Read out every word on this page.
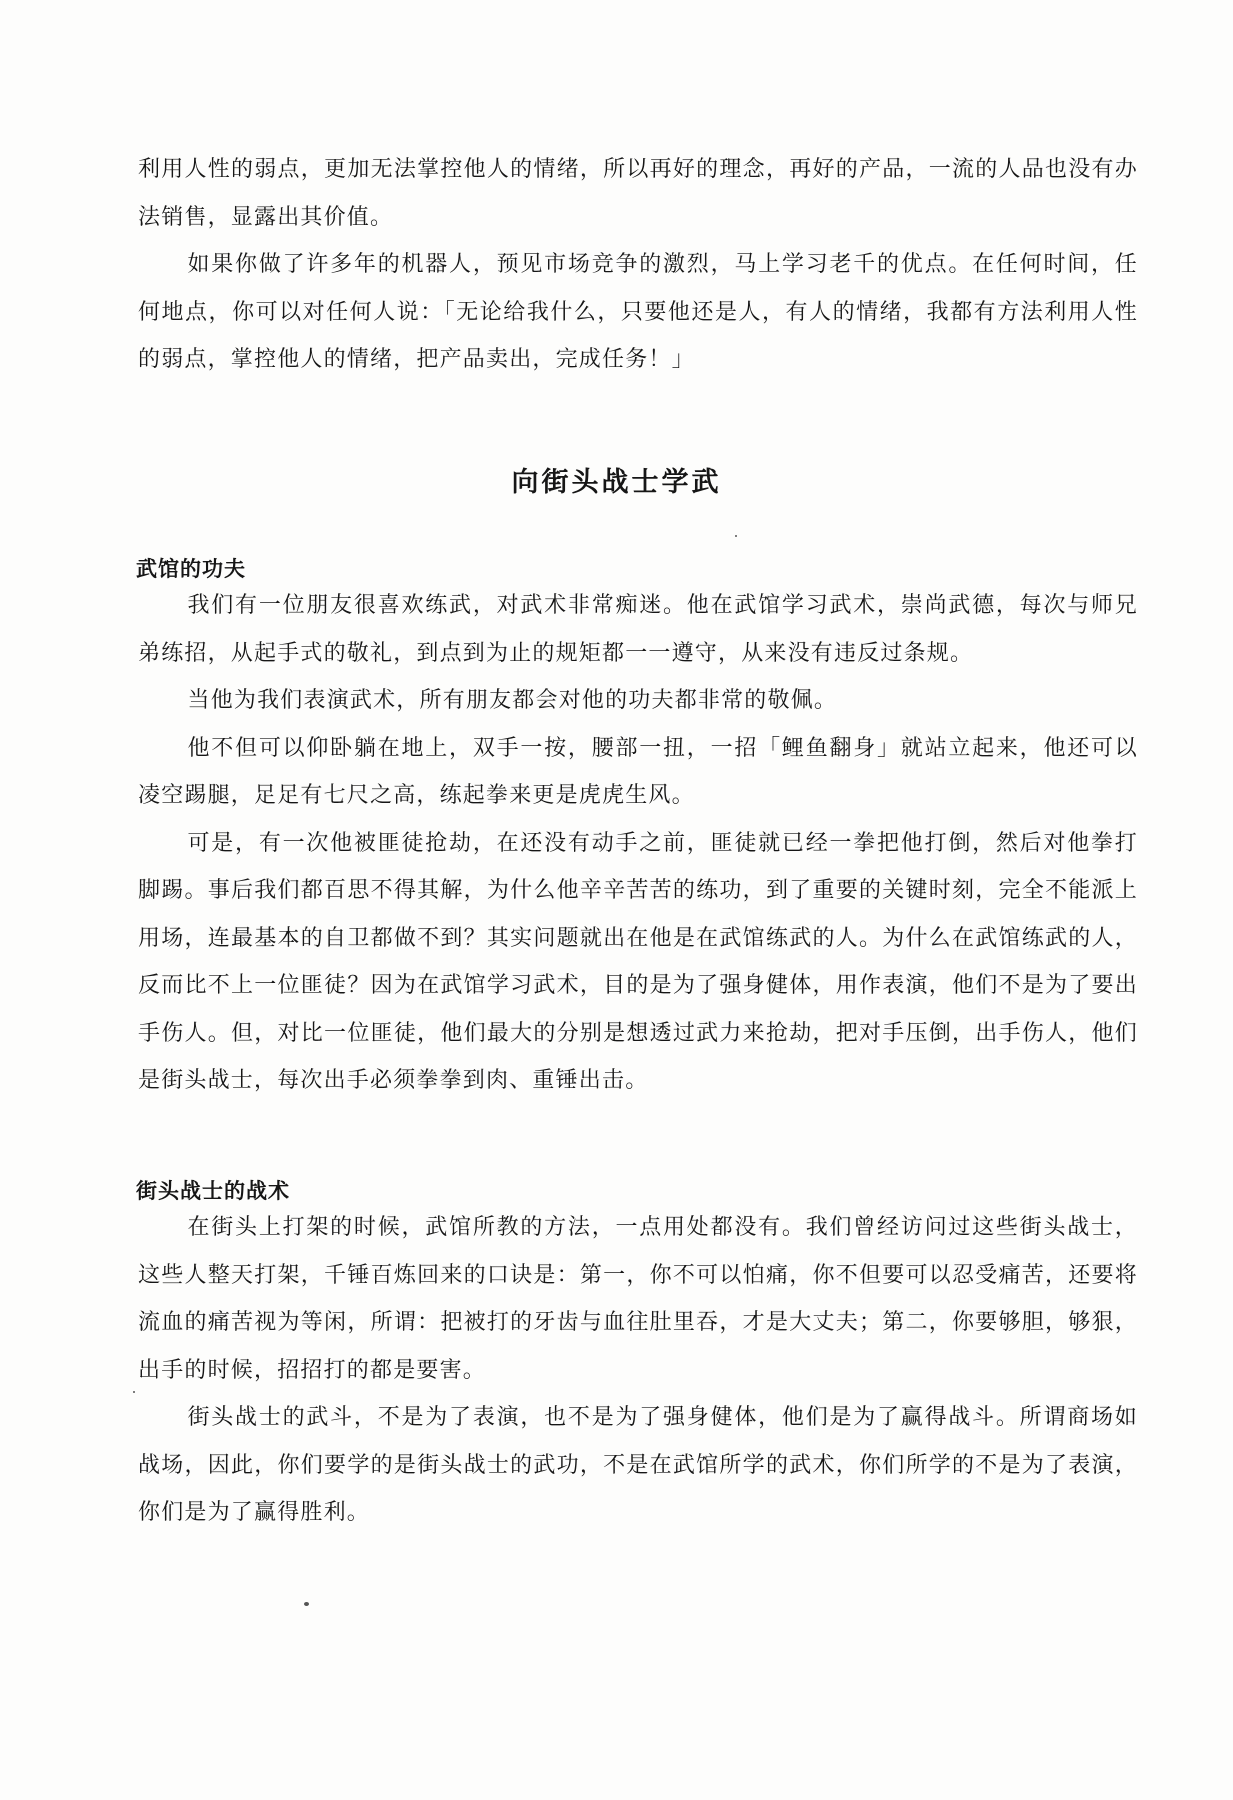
利用人性的弱点，更加无法掌控他人的情绪，所以再好的理念，再好的产品，一流的人品也没有办法销售，显露出其价值。

如果你做了许多年的机器人，预见市场竞争的激烈，马上学习老千的优点。在任何时间，任何地点，你可以对任何人说：「无论给我什么，只要他还是人，有人的情绪，我都有方法利用人性的弱点，掌控他人的情绪，把产品卖出，完成任务！」

向街头战士学武
武馆的功夫

我们有一位朋友很喜欢练武，对武术非常痴迷。他在武馆学习武术，崇尚武德，每次与师兄弟练招，从起手式的敬礼，到点到为止的规矩都一一遵守，从来没有违反过条规。

当他为我们表演武术，所有朋友都会对他的功夫都非常的敬佩。

他不但可以仰卧躺在地上，双手一按，腰部一扭，一招「鲤鱼翻身」就站立起来，他还可以凌空踢腿，足足有七尺之高，练起拳来更是虎虎生风。

可是，有一次他被匪徒抢劫，在还没有动手之前，匪徒就已经一拳把他打倒，然后对他拳打脚踢。事后我们都百思不得其解，为什么他辛辛苦苦的练功，到了重要的关键时刻，完全不能派上用场，连最基本的自卫都做不到？其实问题就出在他是在武馆练武的人。为什么在武馆练武的人，反而比不上一位匪徒？因为在武馆学习武术，目的是为了强身健体，用作表演，他们不是为了要出手伤人。但，对比一位匪徒，他们最大的分别是想透过武力来抢劫，把对手压倒，出手伤人，他们是街头战士，每次出手必须拳拳到肉、重锤出击。

街头战士的战术

在街头上打架的时候，武馆所教的方法，一点用处都没有。我们曾经访问过这些街头战士，这些人整天打架，千锤百炼回来的口诀是：第一，你不可以怕痛，你不但要可以忍受痛苦，还要将流血的痛苦视为等闲，所谓：把被打的牙齿与血往肚里吞，才是大丈夫；第二，你要够胆，够狠，出手的时候，招招打的都是要害。

街头战士的武斗，不是为了表演，也不是为了强身健体，他们是为了赢得战斗。所谓商场如战场，因此，你们要学的是街头战士的武功，不是在武馆所学的武术，你们所学的不是为了表演，你们是为了赢得胜利。
